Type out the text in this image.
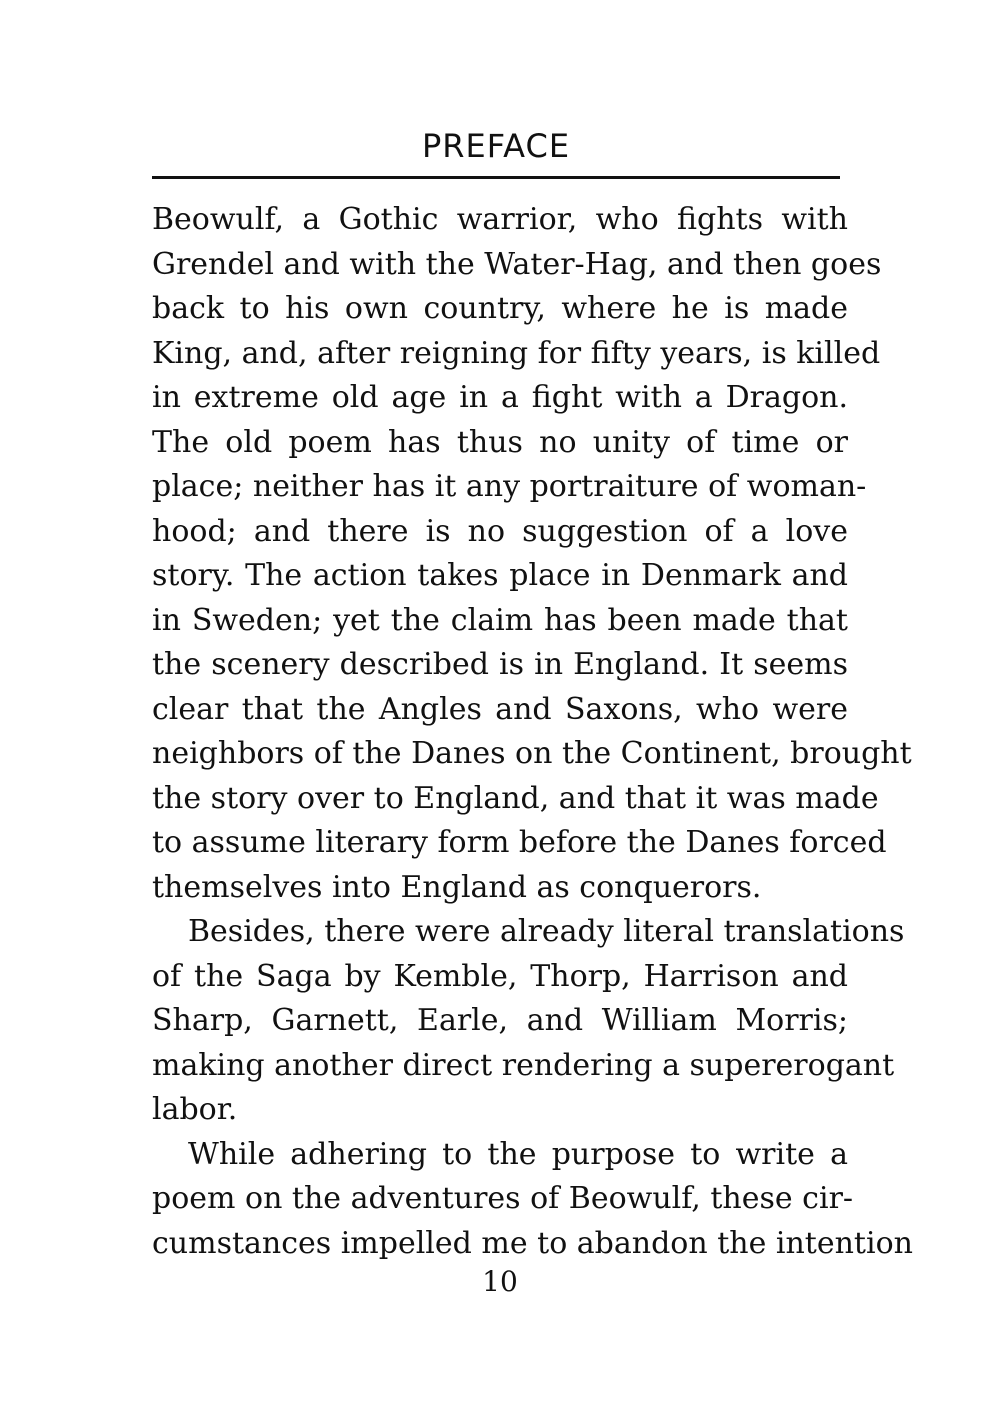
PREFACE
Beowulf, a Gothic warrior, who fights with
Grendel and with the Water-Hag, and then goes
back to his own country, where he is made
King, and, after reigning for fifty years, is killed
in extreme old age in a fight with a Dragon.
The old poem has thus no unity of time or
place; neither has it any portraiture of woman-
hood; and there is no suggestion of a love
story. The action takes place in Denmark and
in Sweden; yet the claim has been made that
the scenery described is in England. It seems
clear that the Angles and Saxons, who were
neighbors of the Danes on the Continent, brought
the story over to England, and that it was made
to assume literary form before the Danes forced
themselves into England as conquerors.
Besides, there were already literal translations
of the Saga by Kemble, Thorp, Harrison and
Sharp, Garnett, Earle, and William Morris;
making another direct rendering a supererogant
labor.
While adhering to the purpose to write a
poem on the adventures of Beowulf, these cir-
cumstances impelled me to abandon the intention
10
